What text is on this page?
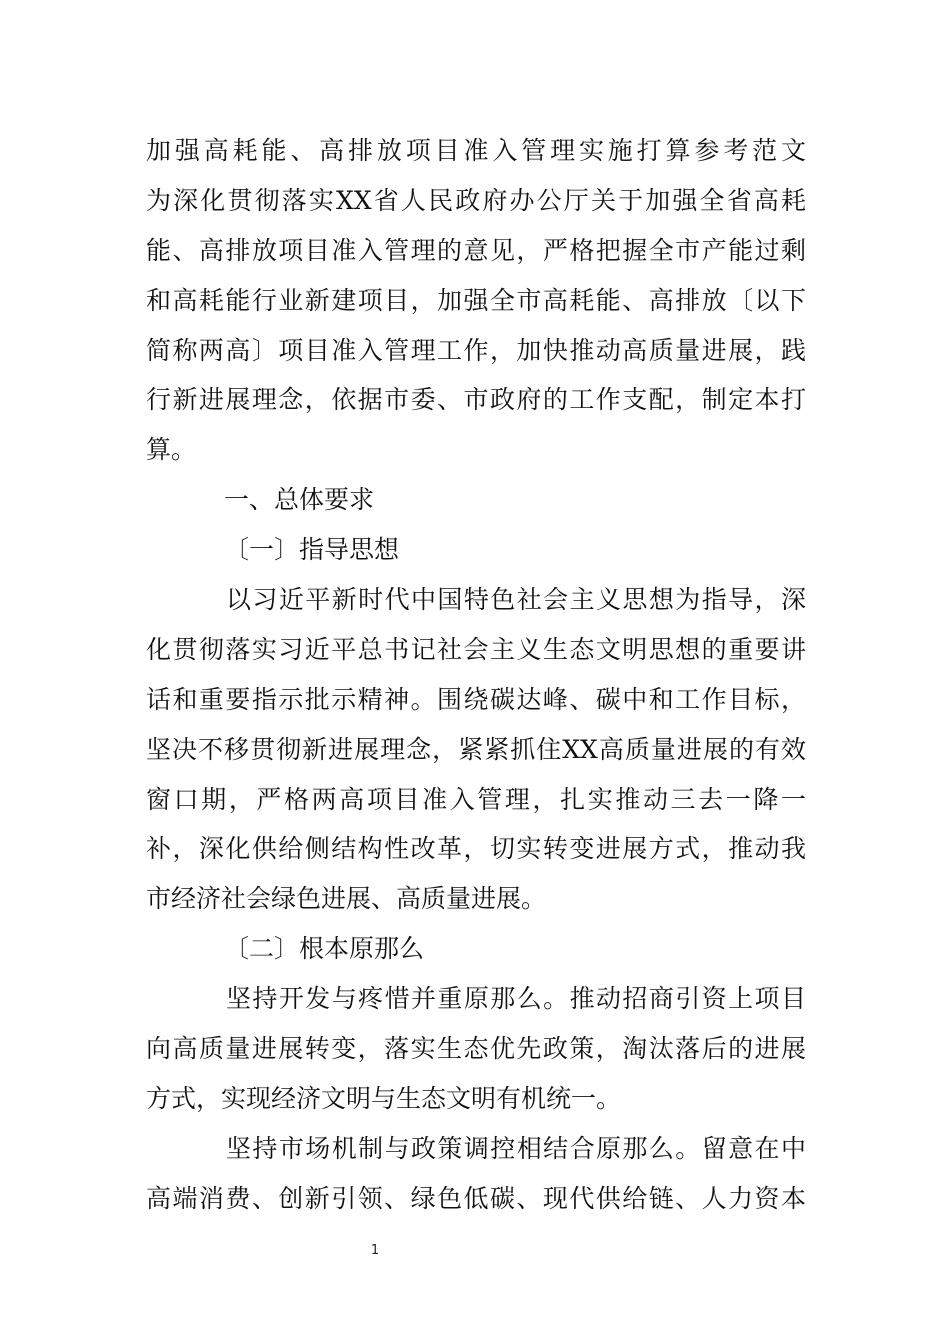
加强高耗能、高排放项目准入管理实施打算参考范文
为深化贯彻落实XX省人民政府办公厅关于加强全省高耗
能、高排放项目准入管理的意见，严格把握全市产能过剩
和高耗能行业新建项目，加强全市高耗能、高排放〔以下
简称两高〕项目准入管理工作，加快推动高质量进展，践
行新进展理念，依据市委、市政府的工作支配，制定本打
算。
一、总体要求
〔一〕指导思想
以习近平新时代中国特色社会主义思想为指导，深
化贯彻落实习近平总书记社会主义生态文明思想的重要讲
话和重要指示批示精神。围绕碳达峰、碳中和工作目标，
坚决不移贯彻新进展理念，紧紧抓住XX高质量进展的有效
窗口期，严格两高项目准入管理，扎实推动三去一降一
补，深化供给侧结构性改革，切实转变进展方式，推动我
市经济社会绿色进展、高质量进展。
〔二〕根本原那么
坚持开发与疼惜并重原那么。推动招商引资上项目
向高质量进展转变，落实生态优先政策，淘汰落后的进展
方式，实现经济文明与生态文明有机统一。
坚持市场机制与政策调控相结合原那么。留意在中
高端消费、创新引领、绿色低碳、现代供给链、人力资本
1
